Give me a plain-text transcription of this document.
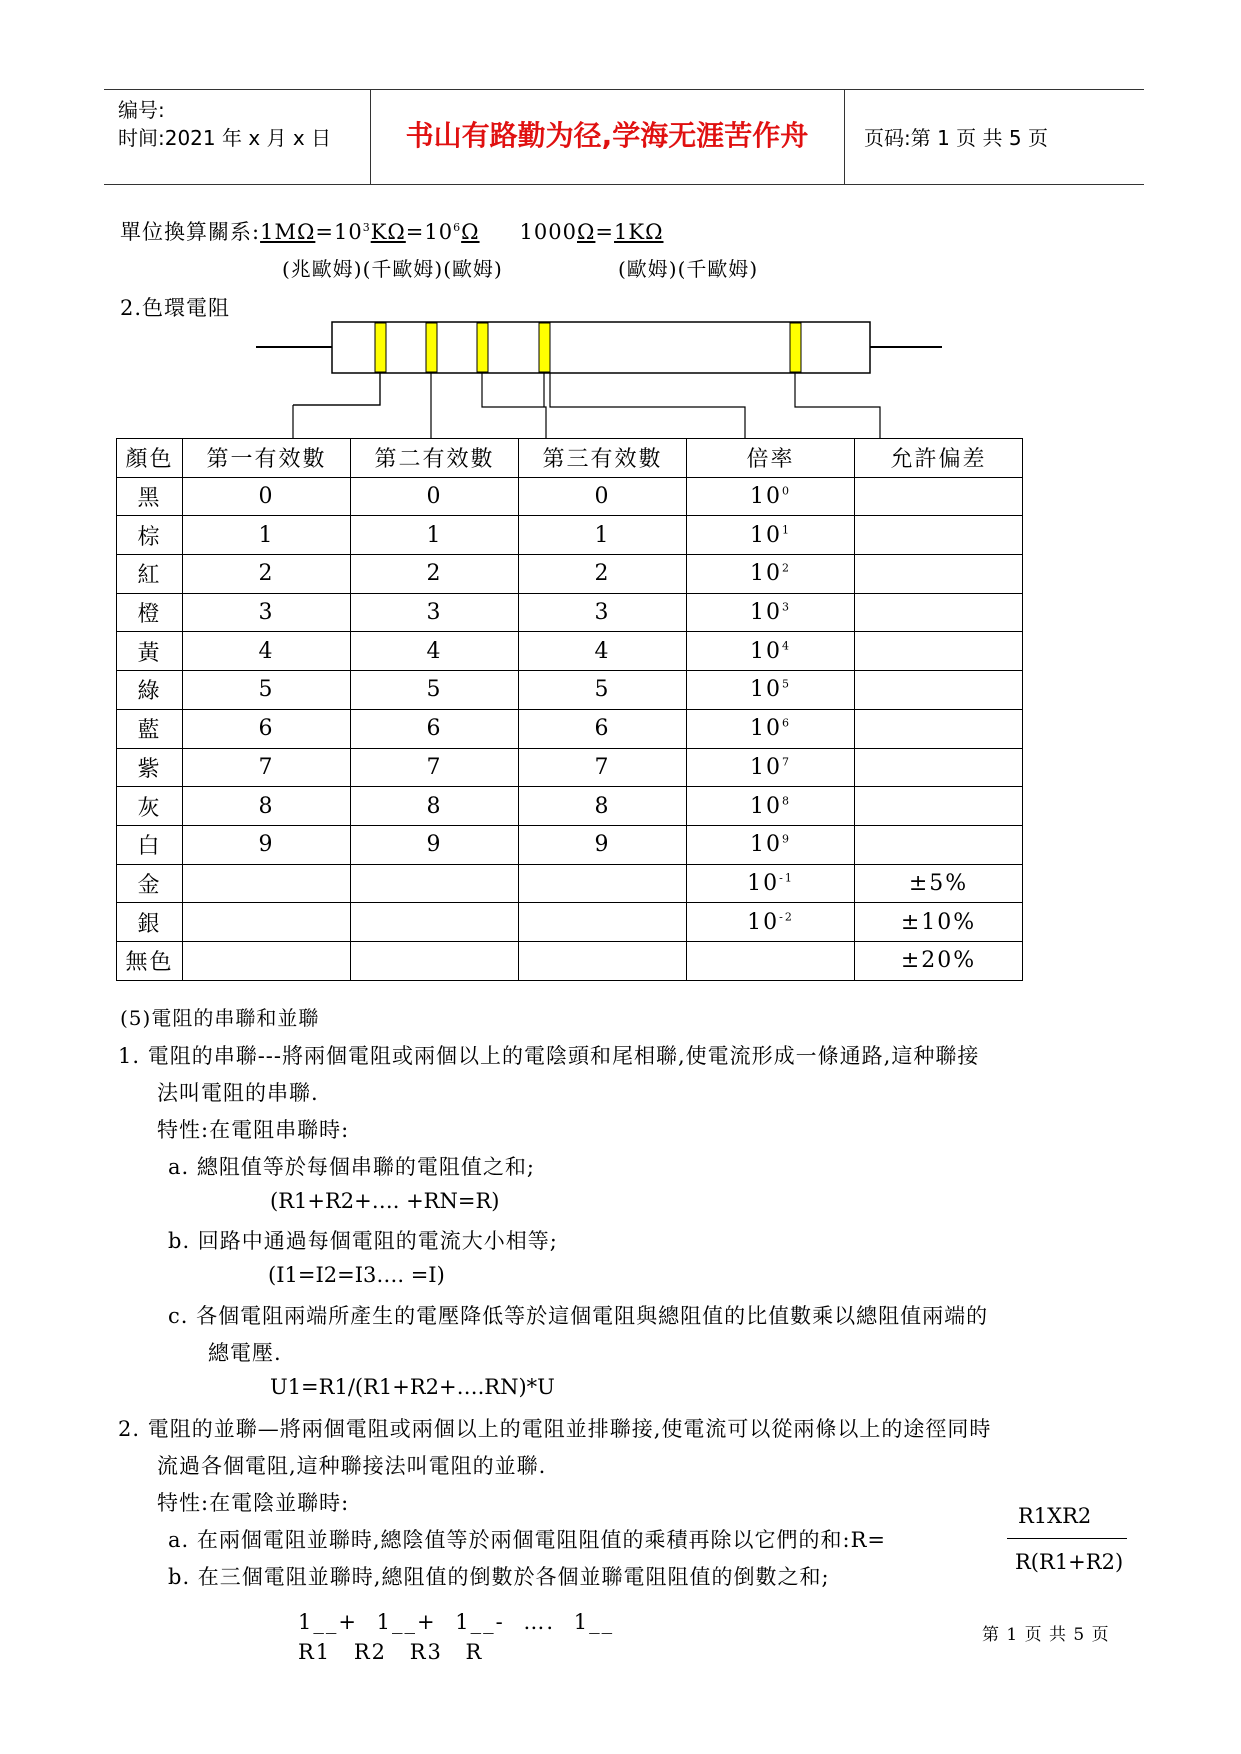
编号:
时间:2021 年 x 月 x 日	书山有路勤为径,学海无涯苦作舟	页码:第 1 页 共 5 页
單位換算關系$:1M\Omega=10^3K\Omega=10^6\Omega$ 1000Ω=1KΩ
(兆歐姆)(千歐姆)(歐姆)	(歐姆)(千歐姆)
2.色環電阻
顏色	第一有效數	第二有效數	第三有效數	倍率	允許偏差
黑	0	0	0	$10^0$	
棕	1	1	1	$10^1$	
紅	2	2	2	$10^2$	
橙	3	3	3	$10^3$	
黃	4	4	4	$10^4$	
綠	5	5	5	$10^5$	
藍	6	6	6	$10^6$	
紫	7	7	7	$10^7$	
灰	8	8	8	$10^8$	
白	9	9	9	$10^9$	
金				$10^{-1}$	±5%
銀				$10^{-2}$	±10%
無色					±20%
(5)電阻的串聯和並聯
1. 電阻的串聯---將兩個電阻或兩個以上的電陰頭和尾相聯,使電流形成一條通路,這种聯接
法叫電阻的串聯.
特性:在電阻串聯時:
a. 總阻值等於每個串聯的電阻值之和;
(R1+R2+…. +RN=R)
b. 回路中通過每個電阻的電流大小相等;
(I1=I2=I3…. =I)
c. 各個電阻兩端所產生的電壓降低等於這個電阻與總阻值的比值數乘以總阻值兩端的
總電壓.
U1=R1/(R1+R2+….RN)*U
2. 電阻的並聯—將兩個電阻或兩個以上的電阻並排聯接,使電流可以從兩條以上的途徑同時
流過各個電阻,這种聯接法叫電阻的並聯.
特性:在電陰並聯時:
a. 在兩個電阻並聯時,總陰值等於兩個電阻阻值的乘積再除以它們的和:R=
R1XR2
R(R1+R2)
b. 在三個電阻並聯時,總阻值的倒數於各個並聯電阻阻值的倒數之和;
1__+ 1__+ 1__- …. 1__
R1 R2 R3 R
第 1 页 共 5 页
